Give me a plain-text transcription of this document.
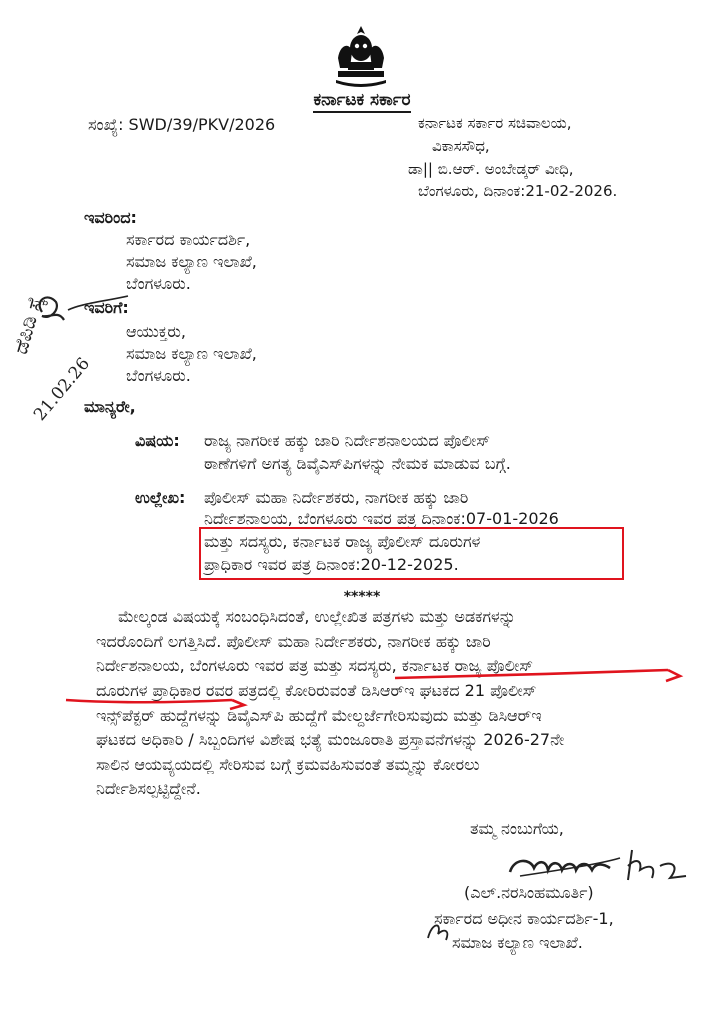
ಕರ್ನಾಟಕ ಸರ್ಕಾರ
ಸಂಖ್ಯೆ: SWD/39/PKV/2026	ಕರ್ನಾಟಕ ಸರ್ಕಾರ ಸಚಿವಾಲಯ,
ವಿಕಾಸಸೌಧ,
ಡಾ|| ಬಿ.ಆರ್. ಅಂಬೇಡ್ಕರ್ ವೀಧಿ,
ಬೆಂಗಳೂರು, ದಿನಾಂಕ:21-02-2026.
ಇವರಿಂದ:
ಸರ್ಕಾರದ ಕಾರ್ಯದರ್ಶಿ,
ಸಮಾಜ ಕಲ್ಯಾಣ ಇಲಾಖೆ,
ಬೆಂಗಳೂರು.
ಇವರಿಗೆ:
ಆಯುಕ್ತರು,
ಸಮಾಜ ಕಲ್ಯಾಣ ಇಲಾಖೆ,
ಬೆಂಗಳೂರು.
ಡೆಪಿಡಿ ಸ್ಕೆ
21.02.26
ಮಾನ್ಯರೇ,
ವಿಷಯ: ರಾಜ್ಯ ನಾಗರೀಕ ಹಕ್ಕು ಜಾರಿ ನಿರ್ದೇಶನಾಲಯದ ಪೊಲೀಸ್
ಠಾಣೆಗಳಿಗೆ ಅಗತ್ಯ ಡಿವೈಎಸ್‌ಪಿಗಳನ್ನು ನೇಮಕ ಮಾಡುವ ಬಗ್ಗೆ.
ಉಲ್ಲೇಖ: ಪೊಲೀಸ್ ಮಹಾ ನಿರ್ದೇಶಕರು, ನಾಗರೀಕ ಹಕ್ಕು ಜಾರಿ
ನಿರ್ದೇಶನಾಲಯ, ಬೆಂಗಳೂರು ಇವರ ಪತ್ರ ದಿನಾಂಕ:07-01-2026
ಮತ್ತು ಸದಸ್ಯರು, ಕರ್ನಾಟಕ ರಾಜ್ಯ ಪೊಲೀಸ್ ದೂರುಗಳ
ಪ್ರಾಧಿಕಾರ ಇವರ ಪತ್ರ ದಿನಾಂಕ:20-12-2025.
*****
ಮೇಲ್ಕಂಡ ವಿಷಯಕ್ಕೆ ಸಂಬಂಧಿಸಿದಂತೆ, ಉಲ್ಲೇಖಿತ ಪತ್ರಗಳು ಮತ್ತು ಅಡಕಗಳನ್ನು
ಇದರೊಂದಿಗೆ ಲಗತ್ತಿಸಿದೆ. ಪೊಲೀಸ್ ಮಹಾ ನಿರ್ದೇಶಕರು, ನಾಗರೀಕ ಹಕ್ಕು ಜಾರಿ
ನಿರ್ದೇಶನಾಲಯ, ಬೆಂಗಳೂರು ಇವರ ಪತ್ರ ಮತ್ತು ಸದಸ್ಯರು, ಕರ್ನಾಟಕ ರಾಜ್ಯ ಪೊಲೀಸ್
ದೂರುಗಳ ಪ್ರಾಧಿಕಾರ ರವರ ಪತ್ರದಲ್ಲಿ ಕೋರಿರುವಂತೆ ಡಿಸಿಆರ್‌ಇ ಘಟಕದ 21 ಪೊಲೀಸ್
ಇನ್ಸ್‌ಪೆಕ್ಟರ್ ಹುದ್ದೆಗಳನ್ನು ಡಿವೈಎಸ್‌ಪಿ ಹುದ್ದೆಗೆ ಮೇಲ್ದರ್ಜೆಗೇರಿಸುವುದು ಮತ್ತು ಡಿಸಿಆರ್‌ಇ
ಘಟಕದ ಅಧಿಕಾರಿ / ಸಿಬ್ಬಂದಿಗಳ ವಿಶೇಷ ಭತ್ಯೆ ಮಂಜೂರಾತಿ ಪ್ರಸ್ತಾವನೆಗಳನ್ನು 2026-27ನೇ
ಸಾಲಿನ ಆಯವ್ಯಯದಲ್ಲಿ ಸೇರಿಸುವ ಬಗ್ಗೆ ಕ್ರಮವಹಿಸುವಂತೆ ತಮ್ಮನ್ನು ಕೋರಲು
ನಿರ್ದೇಶಿಸಲ್ಪಟ್ಟಿದ್ದೇನೆ.
ತಮ್ಮ ನಂಬುಗೆಯ,
(ಎಲ್.ನರಸಿಂಹಮೂರ್ತಿ)
ಸರ್ಕಾರದ ಅಧೀನ ಕಾರ್ಯದರ್ಶಿ-1,
ಸಮಾಜ ಕಲ್ಯಾಣ ಇಲಾಖೆ.
